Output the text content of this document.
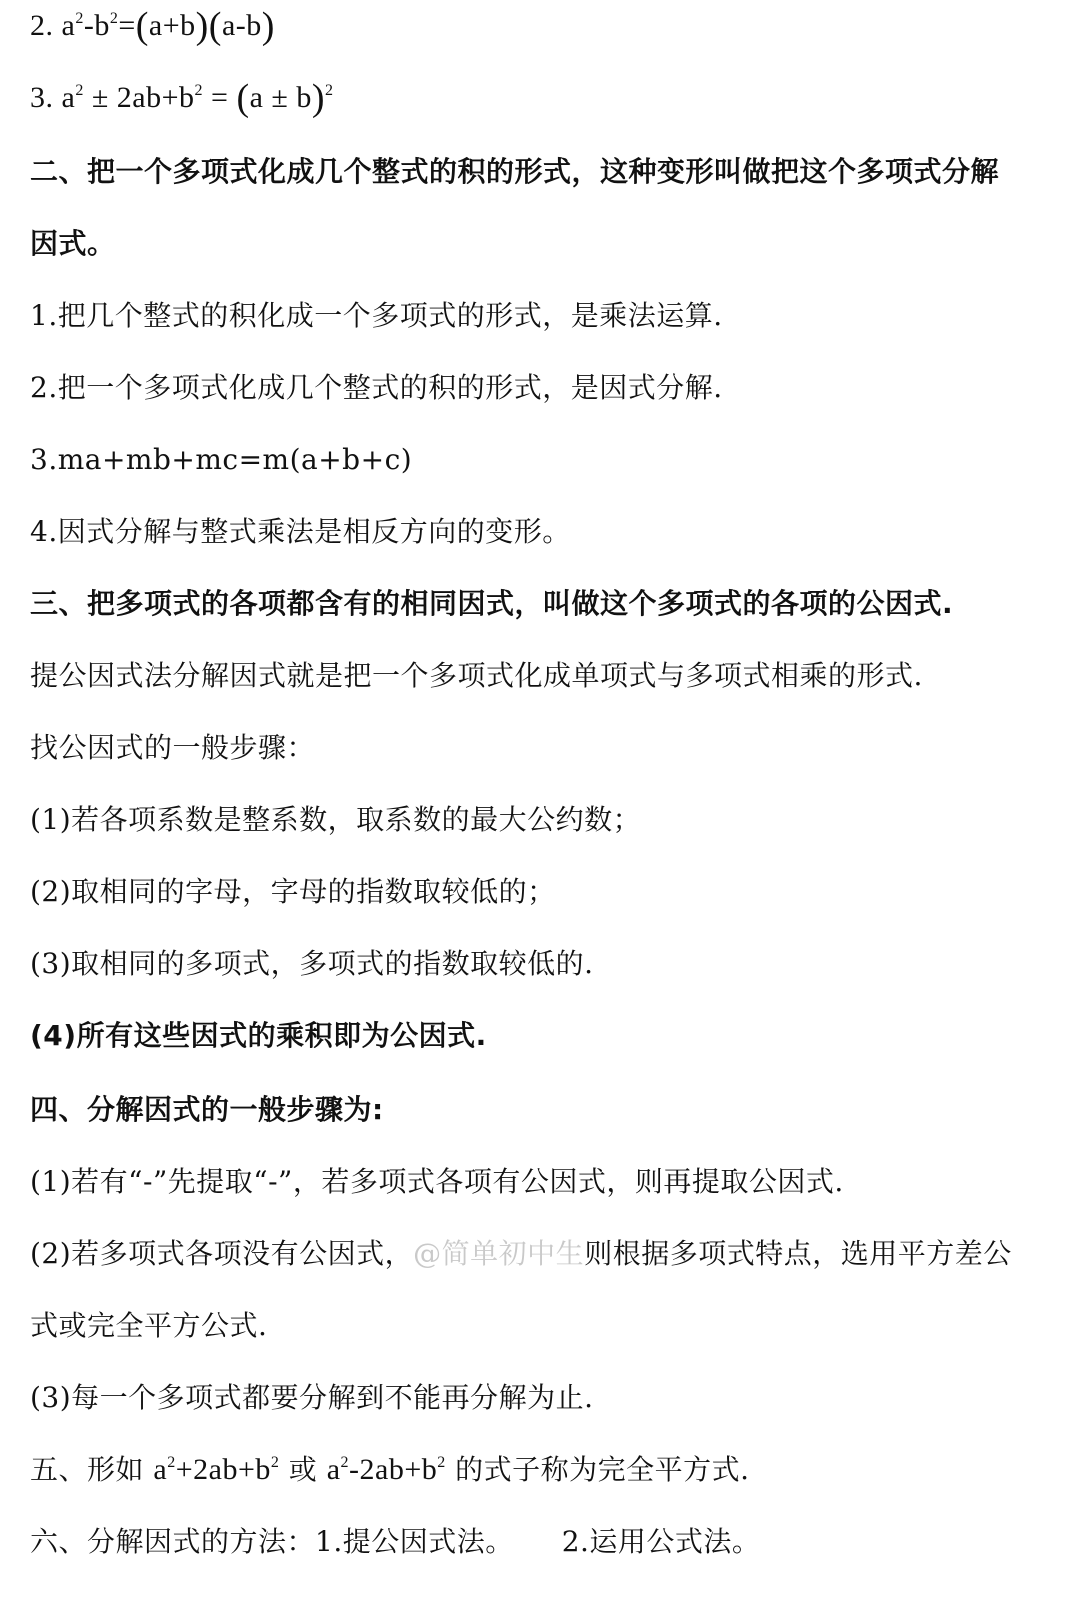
2. $a^2-b^2=(a+b)(a-b)$
3. $a^2 \pm 2ab+b^2 = (a \pm b)^2$
二、把一个多项式化成几个整式的积的形式，这种变形叫做把这个多项式分解
因式。
1.把几个整式的积化成一个多项式的形式，是乘法运算.
2.把一个多项式化成几个整式的积的形式，是因式分解.
3.ma+mb+mc=m(a+b+c)
4.因式分解与整式乘法是相反方向的变形。
三、把多项式的各项都含有的相同因式，叫做这个多项式的各项的公因式.
提公因式法分解因式就是把一个多项式化成单项式与多项式相乘的形式.
找公因式的一般步骤：
(1)若各项系数是整系数，取系数的最大公约数；
(2)取相同的字母，字母的指数取较低的；
(3)取相同的多项式，多项式的指数取较低的.
(4)所有这些因式的乘积即为公因式.
四、分解因式的一般步骤为:
(1)若有“-”先提取“-”，若多项式各项有公因式，则再提取公因式.
(2)若多项式各项没有公因式，@简单初中生则根据多项式特点，选用平方差公
式或完全平方公式.
(3)每一个多项式都要分解到不能再分解为止.
五、形如 $a^2+2ab+b^2$ 或 $a^2-2ab+b^2$ 的式子称为完全平方式.
六、分解因式的方法：1.提公因式法。 2.运用公式法。
